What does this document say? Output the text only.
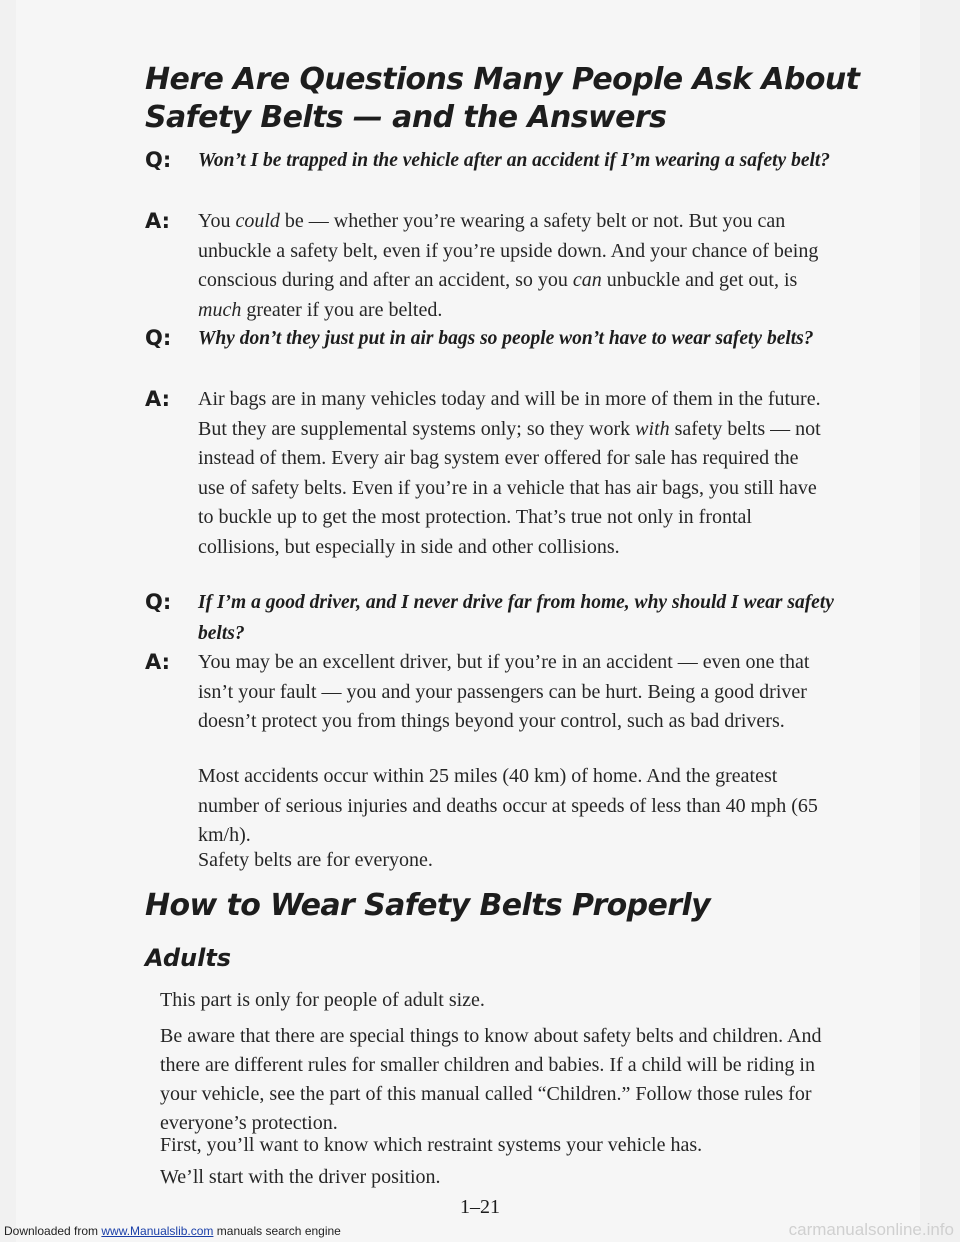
Here Are Questions Many People Ask About
Safety Belts — and the Answers
Q: Won’t I be trapped in the vehicle after an accident if I’m wearing a safety belt?
A: You could be — whether you’re wearing a safety belt or not. But you can unbuckle a safety belt, even if you’re upside down. And your chance of being conscious during and after an accident, so you can unbuckle and get out, is much greater if you are belted.
Q: Why don’t they just put in air bags so people won’t have to wear safety belts?
A: Air bags are in many vehicles today and will be in more of them in the future. But they are supplemental systems only; so they work with safety belts — not instead of them. Every air bag system ever offered for sale has required the use of safety belts. Even if you’re in a vehicle that has air bags, you still have to buckle up to get the most protection. That’s true not only in frontal collisions, but especially in side and other collisions.
Q: If I’m a good driver, and I never drive far from home, why should I wear safety belts?
A: You may be an excellent driver, but if you’re in an accident — even one that isn’t your fault — you and your passengers can be hurt. Being a good driver doesn’t protect you from things beyond your control, such as bad drivers.
Most accidents occur within 25 miles (40 km) of home. And the greatest number of serious injuries and deaths occur at speeds of less than 40 mph (65 km/h).
Safety belts are for everyone.
How to Wear Safety Belts Properly
Adults
This part is only for people of adult size.
Be aware that there are special things to know about safety belts and children. And there are different rules for smaller children and babies. If a child will be riding in your vehicle, see the part of this manual called “Children.” Follow those rules for everyone’s protection.
First, you’ll want to know which restraint systems your vehicle has.
We’ll start with the driver position.
1–21
Downloaded from www.Manualslib.com manuals search engine	carmanualsonline.info
